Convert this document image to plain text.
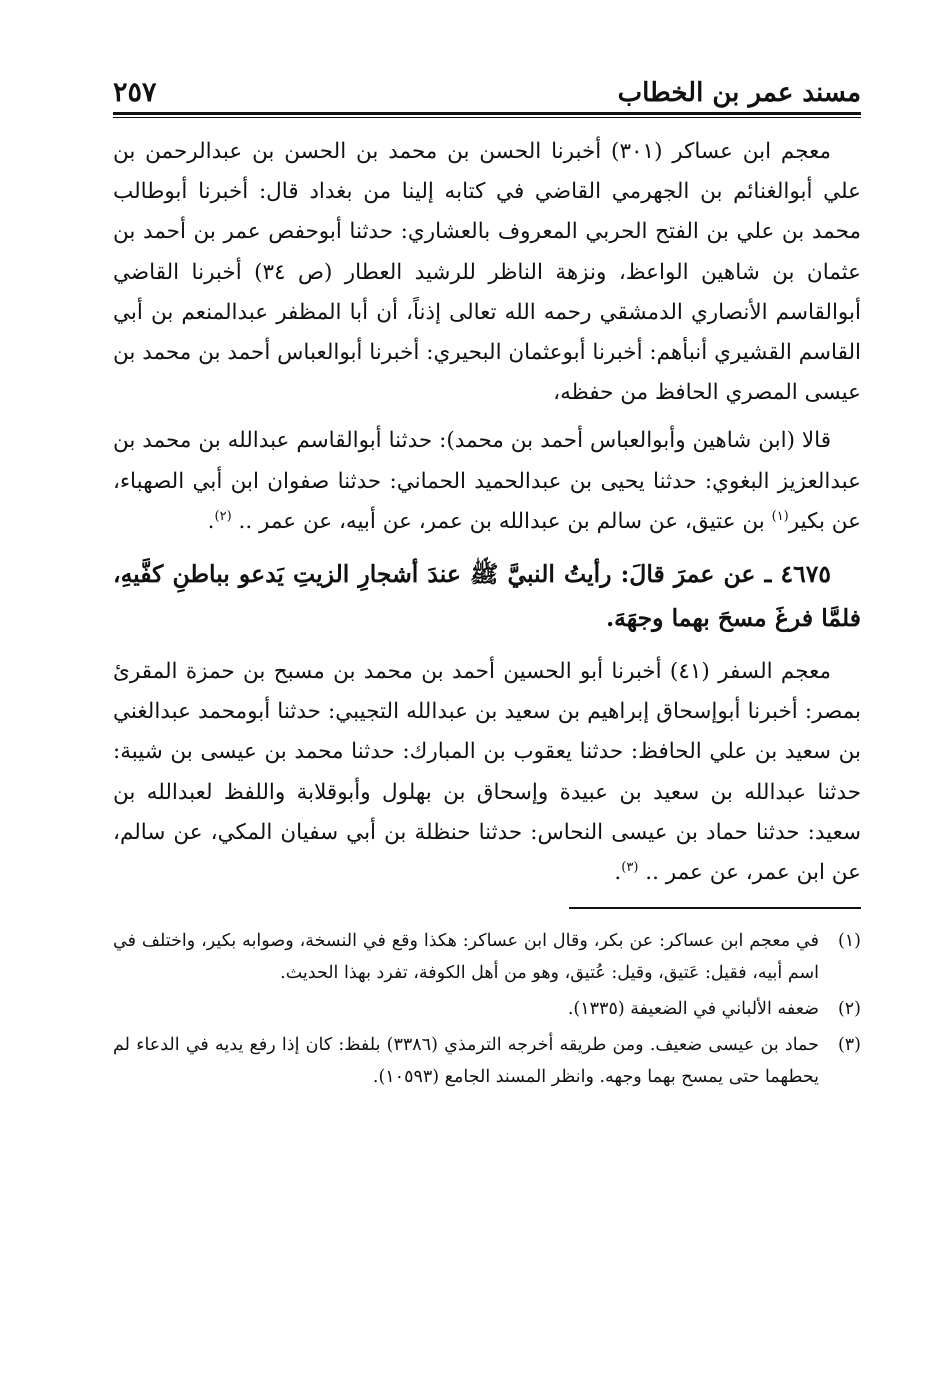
مسند عمر بن الخطاب
٢٥٧

معجم ابن عساكر (٣٠١) أخبرنا الحسن بن محمد بن الحسن بن عبدالرحمن بن علي أبوالغنائم بن الجهرمي القاضي في كتابه إلينا من بغداد قال: أخبرنا أبوطالب محمد بن علي بن الفتح الحربي المعروف بالعشاري: حدثنا أبوحفص عمر بن أحمد بن عثمان بن شاهين الواعظ، ونزهة الناظر للرشيد العطار (ص ٣٤) أخبرنا القاضي أبوالقاسم الأنصاري الدمشقي رحمه الله تعالى إذناً، أن أبا المظفر عبدالمنعم بن أبي القاسم القشيري أنبأهم: أخبرنا أبوعثمان البحيري: أخبرنا أبوالعباس أحمد بن محمد بن عيسى المصري الحافظ من حفظه،

قالا (ابن شاهين وأبوالعباس أحمد بن محمد): حدثنا أبوالقاسم عبدالله بن محمد بن عبدالعزيز البغوي: حدثنا يحيى بن عبدالحميد الحماني: حدثنا صفوان ابن أبي الصهباء، عن بكير$^{(١)}$ بن عتيق، عن سالم بن عبدالله بن عمر، عن أبيه، عن عمر .. $^{(٢)}$.

٤٦٧٥ ـ عن عمرَ قالَ: رأيتُ النبيَّ ﷺ عندَ أشجارِ الزيتِ يَدعو بباطنِ كفَّيهِ، فلمَّا فرغَ مسحَ بهما وجهَهَ.

معجم السفر (٤١) أخبرنا أبو الحسين أحمد بن محمد بن مسبح بن حمزة المقرئ بمصر: أخبرنا أبوإسحاق إبراهيم بن سعيد بن عبدالله التجيبي: حدثنا أبومحمد عبدالغني بن سعيد بن علي الحافظ: حدثنا يعقوب بن المبارك: حدثنا محمد بن عيسى بن شيبة: حدثنا عبدالله بن سعيد بن عبيدة وإسحاق بن بهلول وأبوقلابة واللفظ لعبدالله بن سعيد: حدثنا حماد بن عيسى النحاس: حدثنا حنظلة بن أبي سفيان المكي، عن سالم، عن ابن عمر، عن عمر .. $^{(٣)}$.

(١)
في معجم ابن عساكر: عن بكر، وقال ابن عساكر: هكذا وقع في النسخة، وصوابه بكير، واختلف في اسم أبيه، فقيل: عَتيق، وقيل: عُتيق، وهو من أهل الكوفة، تفرد بهذا الحديث.
(٢)
ضعفه الألباني في الضعيفة (١٣٣٥).
(٣)
حماد بن عيسى ضعيف. ومن طريقه أخرجه الترمذي (٣٣٨٦) بلفظ: كان إذا رفع يديه في الدعاء لم يحطهما حتى يمسح بهما وجهه. وانظر المسند الجامع (١٠٥٩٣).
